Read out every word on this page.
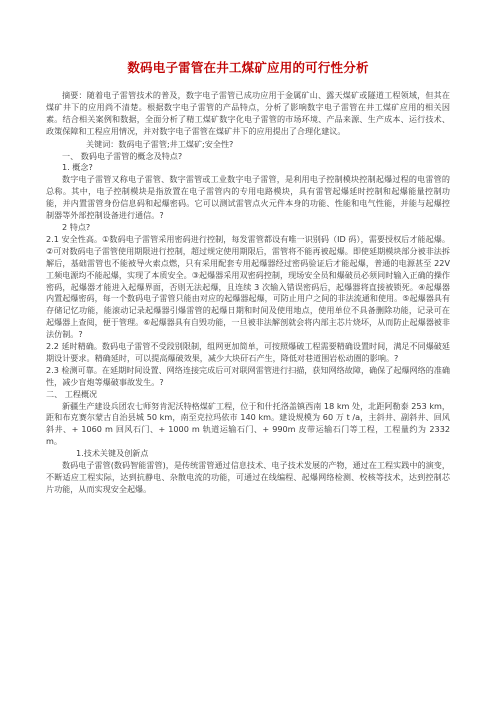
数码电子雷管在井工煤矿应用的可行性分析

摘要：随着电子雷管技术的普及，数字电子雷管已成功应用于金属矿山、露天煤矿或隧道工程领域，但其在煤矿井下的应用尚不清楚。根据数字电子雷管的产品特点，分析了影响数字电子雷管在井工煤矿应用的相关因素。结合相关案例和数据，全面分析了精工煤矿数字化电子雷管的市场环境、产品来源、生产成本、运行技术、政策保障和工程应用情况，并对数字电子雷管在煤矿井下的应用提出了合理化建议。

关键词：数码电子雷管;井工煤矿;安全性?

一、 数码电子雷管的概念及特点?

1. 概念?

数字电子雷管又称电子雷管、数字雷管或工业数字电子雷管，是利用电子控制模块控制起爆过程的电雷管的总称。其中，电子控制模块是指放置在电子雷管内的专用电路模块，具有雷管起爆延时控制和起爆能量控制功能，并内置雷管身份信息码和起爆密码。它可以测试雷管点火元件本身的功能、性能和电气性能，并能与起爆控制器等外部控制设备进行通信。?

2 特点?

2.1 安全性高。①数码电子雷管采用密码进行控制，每发雷管都设有唯一识别码（ID 码），需要授权后才能起爆。②可对数码电子雷管使用期限进行控制，超过规定使用期限后，雷管将不能再被起爆。即使延期模块部分被非法拆解后，基础雷管也不能被导火索点燃，只有采用配套专用起爆器经过密码验证后才能起爆，普通的电源甚至 22V 工频电源均不能起爆，实现了本质安全。③起爆器采用双密码控制，现场安全员和爆破员必须同时输入正确的操作密码，起爆器才能进入起爆界面，否则无法起爆，且连续 3 次输入错误密码后，起爆器将直接被锁死。④起爆器内置起爆密码，每一个数码电子雷管只能由对应的起爆器起爆，可防止用户之间的非法流通和使用。⑤起爆器具有存储记忆功能，能滚动记录起爆器引爆雷管的起爆日期和时间及使用地点，使用单位不具备删除功能，记录可在起爆器上查阅，便于管理。⑥起爆器具有自毁功能，一旦被非法解剖就会将内部主芯片烧坏，从而防止起爆器被非法仿制。?

2.2 延时精确。数码电子雷管不受段别限制，组网更加简单，可按照爆破工程需要精确设置时间，满足不同爆破延期设计要求。精确延时，可以提高爆破效果，减少大块矸石产生，降低对巷道围岩松动圈的影响。?

2.3 检测可靠。在延期时间设置、网络连接完成后可对联网雷管进行扫描，获知网络故障，确保了起爆网络的准确性，减少盲炮等爆破事故发生。?

二、 工程概况

新疆生产建设兵团农七师努肯泥沃特格煤矿工程，位于和什托洛盖镇西南 18 km 处，北距阿勒泰 253 km，距和布克赛尔蒙古自治县城 50 km，南至克拉玛依市 140 km。建设规模为 60 万 t /a，主斜井、副斜井、回风斜井、+ 1060 m 回风石门、+ 1000 m 轨道运输石门、+ 990m 皮带运输石门等工程，工程量约为 2332 m。

1.技术关键及创新点

数码电子雷管(数码智能雷管)，是传统雷管通过信息技术、电子技术发展的产物，通过在工程实践中的演变，不断适应工程实际，达到抗静电、杂散电流的功能，可通过在线编程、起爆网络检测、校核等技术，达到控制芯片功能，从而实现安全起爆。
